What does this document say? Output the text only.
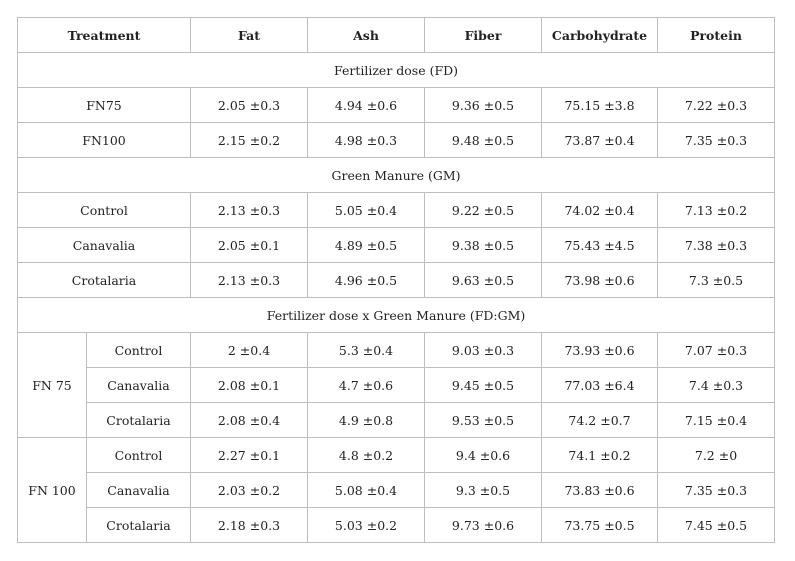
Treatment		Fat	Ash	Fiber	Carbohydrate	Protein
Fertilizer dose (FD)						
FN75		2.05 ±0.3	4.94 ±0.6	9.36 ±0.5	75.15 ±3.8	7.22 ±0.3
FN100		2.15 ±0.2	4.98 ±0.3	9.48 ±0.5	73.87 ±0.4	7.35 ±0.3
Green Manure (GM)						
Control		2.13 ±0.3	5.05 ±0.4	9.22 ±0.5	74.02 ±0.4	7.13 ±0.2
Canavalia		2.05 ±0.1	4.89 ±0.5	9.38 ±0.5	75.43 ±4.5	7.38 ±0.3
Crotalaria		2.13 ±0.3	4.96 ±0.5	9.63 ±0.5	73.98 ±0.6	7.3 ±0.5
Fertilizer dose x Green Manure (FD:GM)						
FN 75	Control	2 ±0.4	5.3 ±0.4	9.03 ±0.3	73.93 ±0.6	7.07 ±0.3
	Canavalia	2.08 ±0.1	4.7 ±0.6	9.45 ±0.5	77.03 ±6.4	7.4 ±0.3
	Crotalaria	2.08 ±0.4	4.9 ±0.8	9.53 ±0.5	74.2 ±0.7	7.15 ±0.4
FN 100	Control	2.27 ±0.1	4.8 ±0.2	9.4 ±0.6	74.1 ±0.2	7.2 ±0
	Canavalia	2.03 ±0.2	5.08 ±0.4	9.3 ±0.5	73.83 ±0.6	7.35 ±0.3
	Crotalaria	2.18 ±0.3	5.03 ±0.2	9.73 ±0.6	73.75 ±0.5	7.45 ±0.5
